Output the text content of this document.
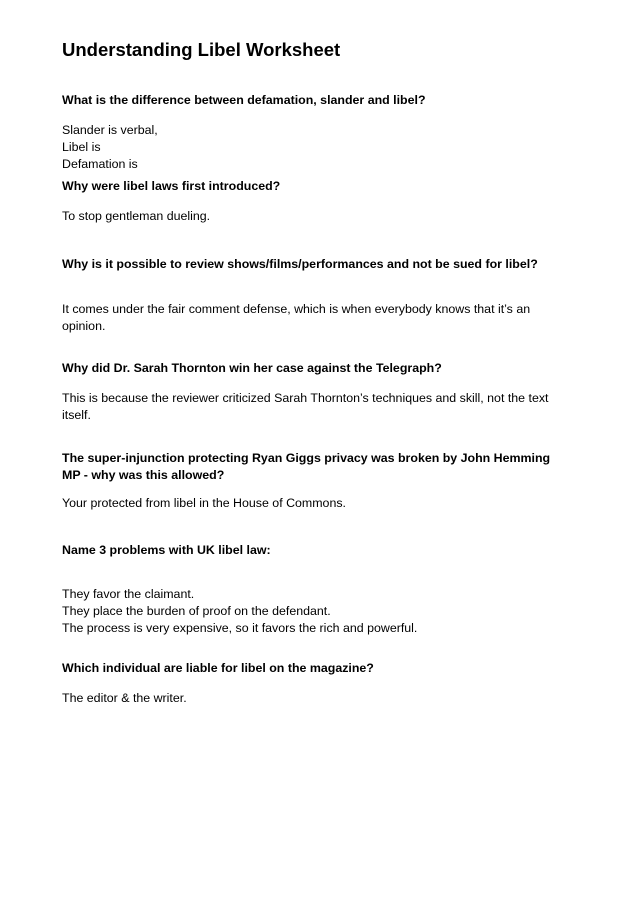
Understanding Libel Worksheet

What is the difference between defamation, slander and libel?

Slander is verbal,
Libel is
Defamation is

Why were libel laws first introduced?

To stop gentleman dueling.

Why is it possible to review shows/films/performances and not be sued for libel?

It comes under the fair comment defense, which is when everybody knows that it’s an
opinion.

Why did Dr. Sarah Thornton win her case against the Telegraph?

This is because the reviewer criticized Sarah Thornton’s techniques and skill, not the text
itself.

The super-injunction protecting Ryan Giggs privacy was broken by John Hemming
MP - why was this allowed?

Your protected from libel in the House of Commons.

Name 3 problems with UK libel law:

They favor the claimant.
They place the burden of proof on the defendant.
The process is very expensive, so it favors the rich and powerful.

Which individual are liable for libel on the magazine?

The editor & the writer.
